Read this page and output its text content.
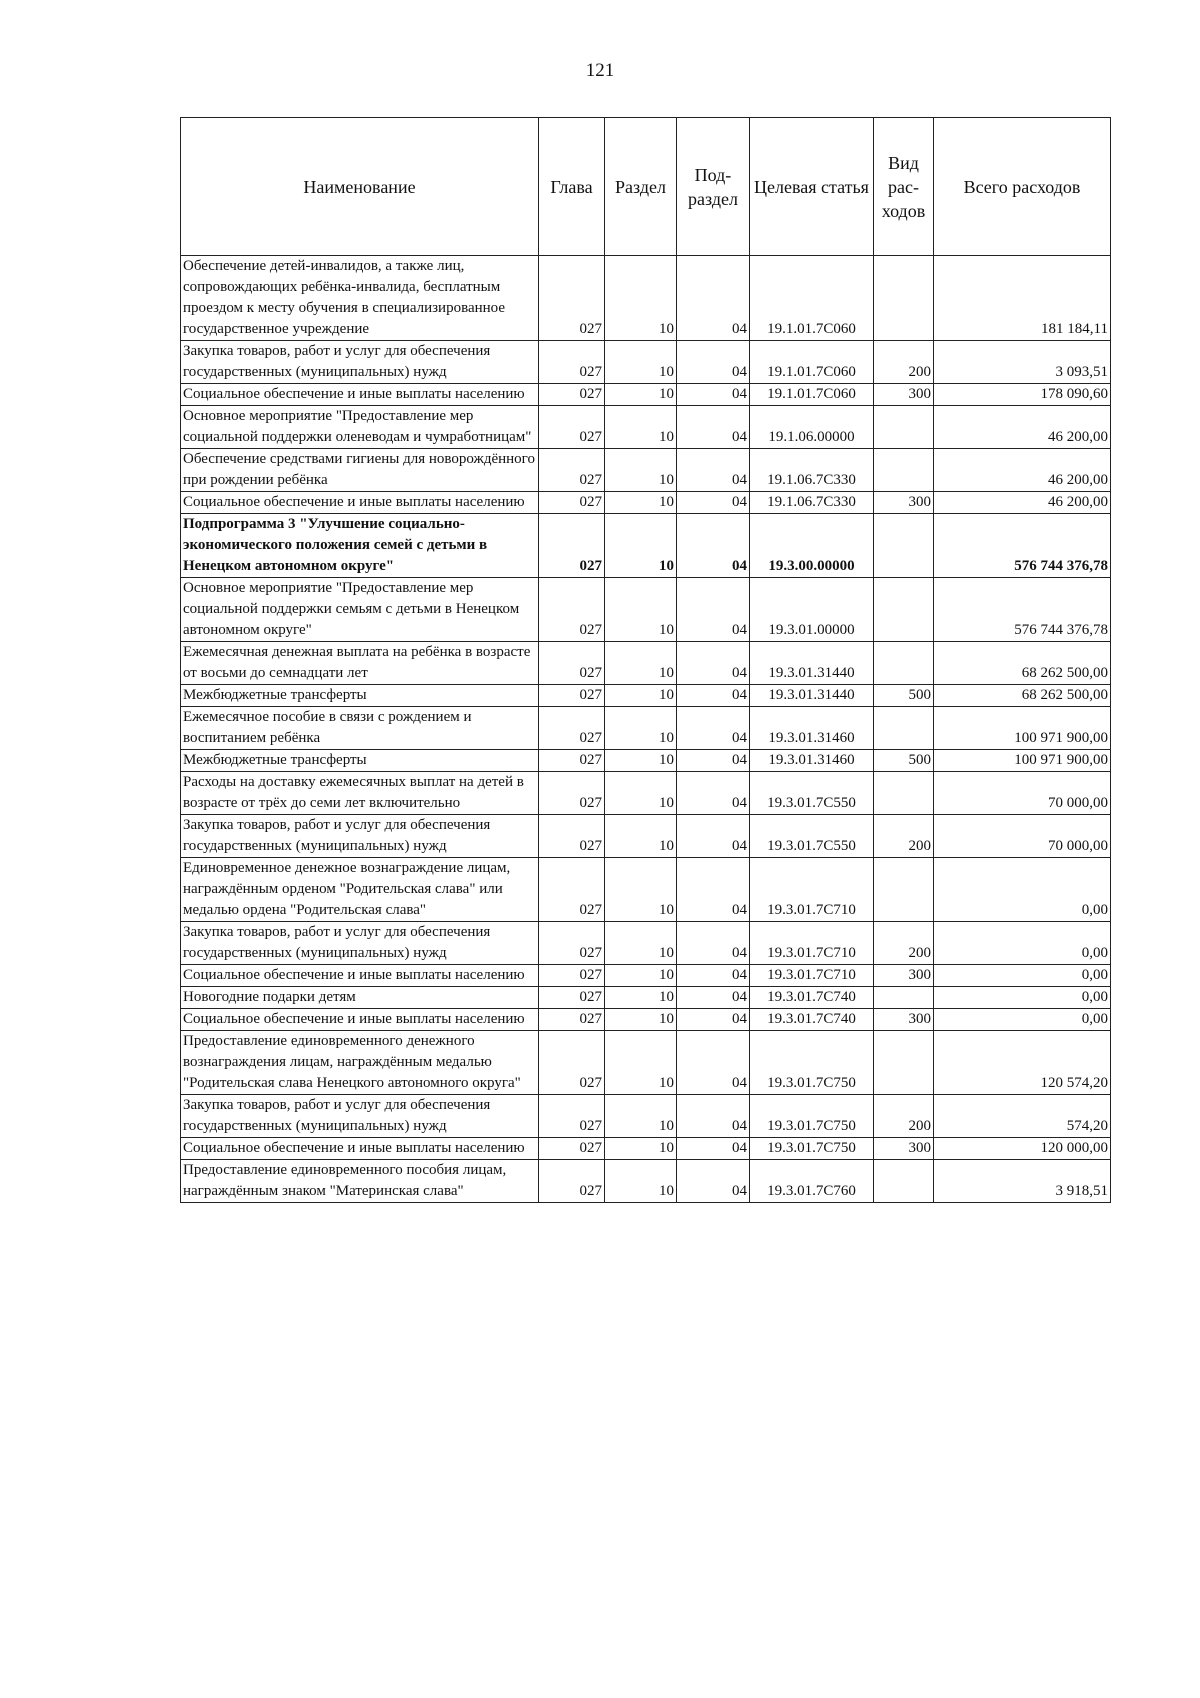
121
Наименование	Глава	Раздел	Под-раздел	Целевая статья	Вид рас-ходов	Всего расходов
Обеспечение детей-инвалидов, а также лиц, сопровождающих ребёнка-инвалида, бесплатным проездом к месту обучения в специализированное государственное учреждение	027	10	04	19.1.01.7С060		181 184,11
Закупка товаров, работ и услуг для обеспечения государственных (муниципальных) нужд	027	10	04	19.1.01.7С060	200	3 093,51
Социальное обеспечение и иные выплаты населению	027	10	04	19.1.01.7С060	300	178 090,60
Основное мероприятие "Предоставление мер социальной поддержки оленеводам и чумработницам"	027	10	04	19.1.06.00000		46 200,00
Обеспечение средствами гигиены для новорождённого при рождении ребёнка	027	10	04	19.1.06.7С330		46 200,00
Социальное обеспечение и иные выплаты населению	027	10	04	19.1.06.7С330	300	46 200,00
Подпрограмма 3 "Улучшение социально-экономического положения семей с детьми в Ненецком автономном округе"	027	10	04	19.3.00.00000		576 744 376,78
Основное мероприятие "Предоставление мер социальной поддержки семьям с детьми в Ненецком автономном округе"	027	10	04	19.3.01.00000		576 744 376,78
Ежемесячная денежная выплата на ребёнка в возрасте от восьми до семнадцати лет	027	10	04	19.3.01.31440		68 262 500,00
Межбюджетные трансферты	027	10	04	19.3.01.31440	500	68 262 500,00
Ежемесячное пособие в связи с рождением и воспитанием ребёнка	027	10	04	19.3.01.31460		100 971 900,00
Межбюджетные трансферты	027	10	04	19.3.01.31460	500	100 971 900,00
Расходы на доставку ежемесячных выплат на детей в возрасте от трёх до семи лет включительно	027	10	04	19.3.01.7С550		70 000,00
Закупка товаров, работ и услуг для обеспечения государственных (муниципальных) нужд	027	10	04	19.3.01.7С550	200	70 000,00
Единовременное денежное вознаграждение лицам, награждённым орденом "Родительская слава" или медалью ордена "Родительская слава"	027	10	04	19.3.01.7С710		0,00
Закупка товаров, работ и услуг для обеспечения государственных (муниципальных) нужд	027	10	04	19.3.01.7С710	200	0,00
Социальное обеспечение и иные выплаты населению	027	10	04	19.3.01.7С710	300	0,00
Новогодние подарки детям	027	10	04	19.3.01.7С740		0,00
Социальное обеспечение и иные выплаты населению	027	10	04	19.3.01.7С740	300	0,00
Предоставление единовременного денежного вознаграждения лицам, награждённым медалью "Родительская слава Ненецкого автономного округа"	027	10	04	19.3.01.7С750		120 574,20
Закупка товаров, работ и услуг для обеспечения государственных (муниципальных) нужд	027	10	04	19.3.01.7С750	200	574,20
Социальное обеспечение и иные выплаты населению	027	10	04	19.3.01.7С750	300	120 000,00
Предоставление единовременного пособия лицам, награждённым знаком "Материнская слава"	027	10	04	19.3.01.7С760		3 918,51
